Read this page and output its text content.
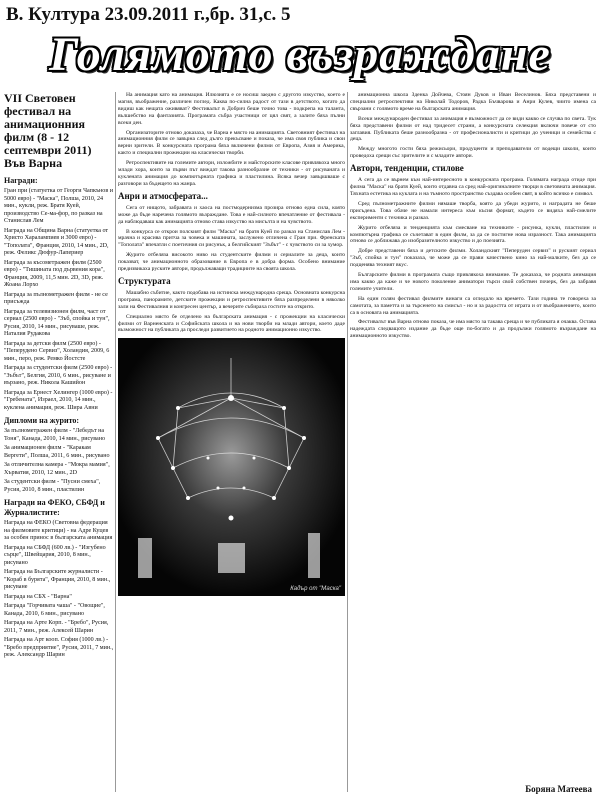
В. Култура 23.09.2011 г.,бр. 31,с. 5
Голямото възраждане
VII Световен фестивал на анимационния филм (8 - 12 септември 2011) Във Варна
Награди:

Гран при (статуетка от Георги Чапкънов и 5000 евро) - "Маска", Полша, 2010, 24 мин., кукли, реж. Братя Куей, производство Се-ма-фор, по разказ на Станислав Лем

Награда на Община Варна (статуетка от Христо Харалампиев и 3000 евро) - "Тополата", Франция, 2010, 14 мин., 2D, реж. Феликс Дюфур-Лапериер

Награда за късометражен филм (2500 евро) - "Тишината под дървения кора", Франция, 2009, 11,5 мин. 2D, 3D, реж. Жоана Лорхо

Награда за пълнометражен филм - не се присъжда

Награда за телевизионен филм, част от сериал (2500 евро) - "Зъб, спойка и тун", Русия, 2010, 14 мин., рисуваше, реж. Наталия Рудакова

Награда за детски филм (2500 евро) - "Пеперудено Сервиз", Холандия, 2009, 6 мин., перо, реж. Ремко Йостсте

Награда за студентски филм (2500 евро) - "Зъбът", Белгия, 2010, 6 мин., рисуване и вързано, реж. Никола Кашийон

Награда за Ернест Хелингер (1000 евро) - "Гребената", Израел, 2010, 14 мин., куклена анимация, реж. Шира Авни

Дипломи на журито:

За пълнометражен филм - "Лебедът на Тоня", Канада, 2010, 14 мин., рисувано

За анимационен филм - "Каракам Вергети", Полша, 2011, 6 мин., рисувано

За отличителна камера - "Мокра мамия", Хърватия, 2010, 12 мин., 2D

За студентски филм - "Пусни смеха", Русия, 2010, 8 мин., пластилин

Награди на ФЕКО, СБФД и Журналистите:

Награда на ФЕКО (Световна федерация на филмовите критици) - на Адре Куцев за особен принос в българската анимация

Награда на СБФД (600 лв.) - "Изгубено сърце", Швейцария, 2010, 8 мин., рисувано

Награда на Българските журналисти - "Кораб в бурята", Франция, 2010, 8 мин., рисуване

Награда на СБХ - "Варна"

Награда "Горчивата чаша" - "Овощие", Канада, 2010, 6 мин., рисувано

Награда на Арте Корп. - "Бребо", Русия, 2011, 7 мин., реж. Алексей Шарин

Награда на Арт кооп. София (1000 лв.) - "Бребо предприятие", Русия, 2011, 7 мин., реж. Александр Шарин

На анимация като на анимация. Илюзията е се носиш заедно с другото изкуство, което е магия, въображение, различен поглед. Каква по-силна радост от тази в детството, когато да видиш как нещата оживяват? Фестивалът в Добрич беше точно това - подкрепа на таланта, вълшебство на фантазията. Програмата събра участници от цял свят, а залите бяха пълни всеки ден.

Организаторите отново доказаха, че Варна е място на анимацията. Световният фестивал на анимационния филм се завърна след дълго прекъсване и показа, че има своя публика и свои верни зрители. В конкурсната програма бяха включени филми от Европа, Азия и Америка, както и специални прожекции на класически творби.

Ретроспективите на големите автори, изложбите и майсторските класове привлякоха много млади хора, които за първи път виждат такова разнообразие от техники - от рисуваната и куклената анимация до компютърната графика и пластилина. Всяка вечер завършваше с разговори за бъдещето на жанра.

Анри и атмосферата...

Сега от нищото, забравата и хаоса на постмодернизма прозира отново една сила, която може да бъде наречена голямото възраждане. Това е най-силното впечатление от фестивала - да наблюдаваш как анимацията отново става изкуство на мисълта и на чувството.

В конкурса се открои полският филм "Маска" на братя Куей по разказ на Станислав Лем - мрачна и красива притча за човека и машината, заслужено отличена с Гран при. Френската "Тополата" впечатли с поетичния си рисунък, а белгийският "Зъбът" - с чувството си за хумор.

Журито отбеляза високото ниво на студентските филми и сериалите за деца, които показват, че анимационното образование в Европа е в добра форма. Особено внимание предизвикаха руските автори, продължаващи традициите на своята школа.

Структурата

Машабно събитие, както подобава на истинска международна среща. Основната конкурсна програма, панорамите, детските прожекции и ретроспективите бяха разпределени в няколко зали на Фестивалния и конгресен център, а вечерите събираха гостите на открито.

Специално място бе отделено на българската анимация - с прожекции на класически филми от Варненската и Софийската школа и на нови творби на млади автори, което даде възможност на публиката да проследи развитието на родното анимационно изкуство.

Кадър от "Маска"

анимационна школа Зденка Дойчева, Стоян Дуков и Иван Веселинов. Бяха представени и специални ретроспективи на Николай Тодоров, Радка Бъчварова и Анри Кулев, чиито имена са свързани с голямото време на българската анимация.

Всеки международен фестивал за анимация е възможност да се види какво се случва по света. Тук бяха представени филми от над тридесет страни, а конкурсната селекция включи повече от сто заглавия. Публиката беше разнообразна - от професионалисти и критици до ученици и семейства с деца.

Между многото гости бяха режисьори, продуценти и преподаватели от водещи школи, които проведоха срещи със зрителите и с младите автори.

Автори, тенденции, стилове

А сега да се върнем към най-интересното в конкурсната програма. Голямата награда отиде при филма "Маска" на братя Куей, които отдавна са сред най-оригиналните творци в световната анимация. Тяхната естетика на куклата и на тъмното пространство създава особен свят, в който всичко е символ.

Сред пълнометражните филми нямаше творба, която да убеди журито, и наградата не беше присъдена. Това обаче не намали интереса към късия формат, където се видяха най-смелите експерименти с техника и разказ.

Журито отбеляза и тенденцията към смесване на техниките - рисунка, кукли, пластилин и компютърна графика се съчетават в един филм, за да се постигне нова изразност. Така анимацията отново се доближава до изобразителното изкуство и до поезията.

Добре представени бяха и детските филми. Холандският "Пеперуден сервиз" и руският сериал "Зъб, спойка и тун" показаха, че може да се прави качествено кино за най-малките, без да се подценява техният вкус.

Българските филми в програмата също привлякоха внимание. Те доказаха, че родната анимация има какво да каже и че новото поколение аниматори търси свой собствен почерк, без да забравя големите учители.

На един голям фестивал филмите винаги са огледало на времето. Тази година те говореха за самотата, за паметта и за търсенето на смисъл - но и за радостта от играта и от въображението, които са в основата на анимацията.

Фестивалът във Варна отново показа, че има място за такава среща и че публиката я очаква. Остава надеждата следващото издание да бъде още по-богато и да продължи голямото възраждане на анимационното изкуство.

Боряна Матеева
